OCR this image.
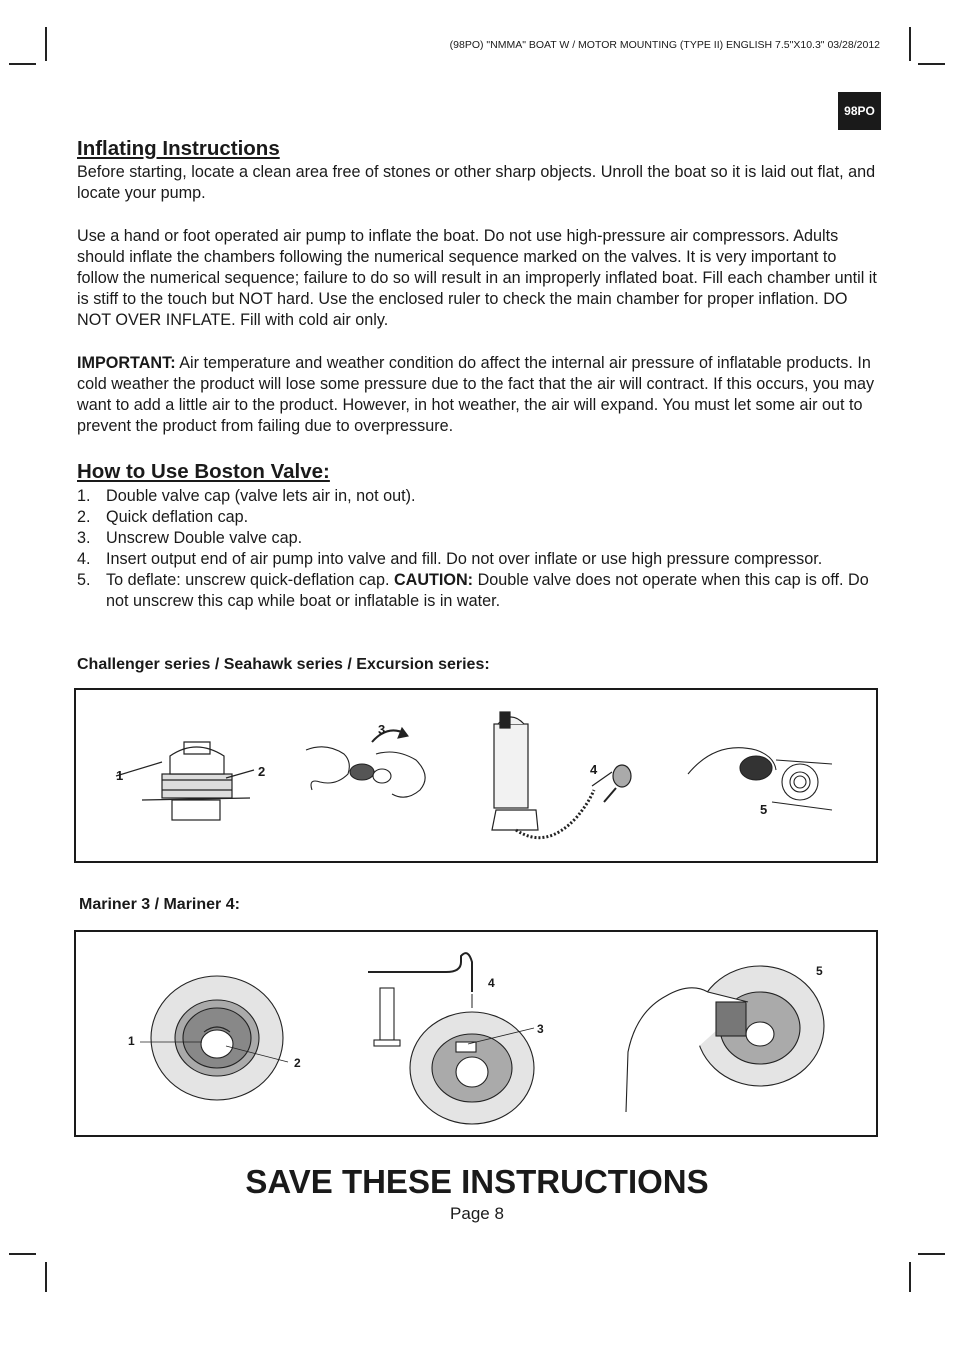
(98PO) "NMMA" BOAT W / MOTOR MOUNTING (TYPE II) ENGLISH 7.5"X10.3" 03/28/2012
98PO
Inflating Instructions

Before starting, locate a clean area free of stones or other sharp objects. Unroll the boat so it is laid out flat, and locate your pump.

Use a hand or foot operated air pump to inflate the boat. Do not use high-pressure air compressors. Adults should inflate the chambers following the numerical sequence marked on the valves. It is very important to follow the numerical sequence; failure to do so will result in an improperly inflated boat. Fill each chamber until it is stiff to the touch but NOT hard. Use the enclosed ruler to check the main chamber for proper inflation. DO NOT OVER INFLATE. Fill with cold air only.

IMPORTANT: Air temperature and weather condition do affect the internal air pressure of inflatable products. In cold weather the product will lose some pressure due to the fact that the air will contract. If this occurs, you may want to add a little air to the product. However, in hot weather, the air will expand. You must let some air out to prevent the product from failing due to overpressure.

How to Use Boston Valve:
1. Double valve cap (valve lets air in, not out).
2. Quick deflation cap.
3. Unscrew Double valve cap.
4. Insert output end of air pump into valve and fill. Do not over inflate or use high pressure compressor.
5. To deflate: unscrew quick-deflation cap. CAUTION: Double valve does not operate when this cap is off. Do not unscrew this cap while boat or inflatable is in water.
Challenger series / Seahawk series / Excursion series:
1	2
3
4
5
Mariner 3 / Mariner 4:
1
2
3
4
5
SAVE THESE INSTRUCTIONS
Page 8
